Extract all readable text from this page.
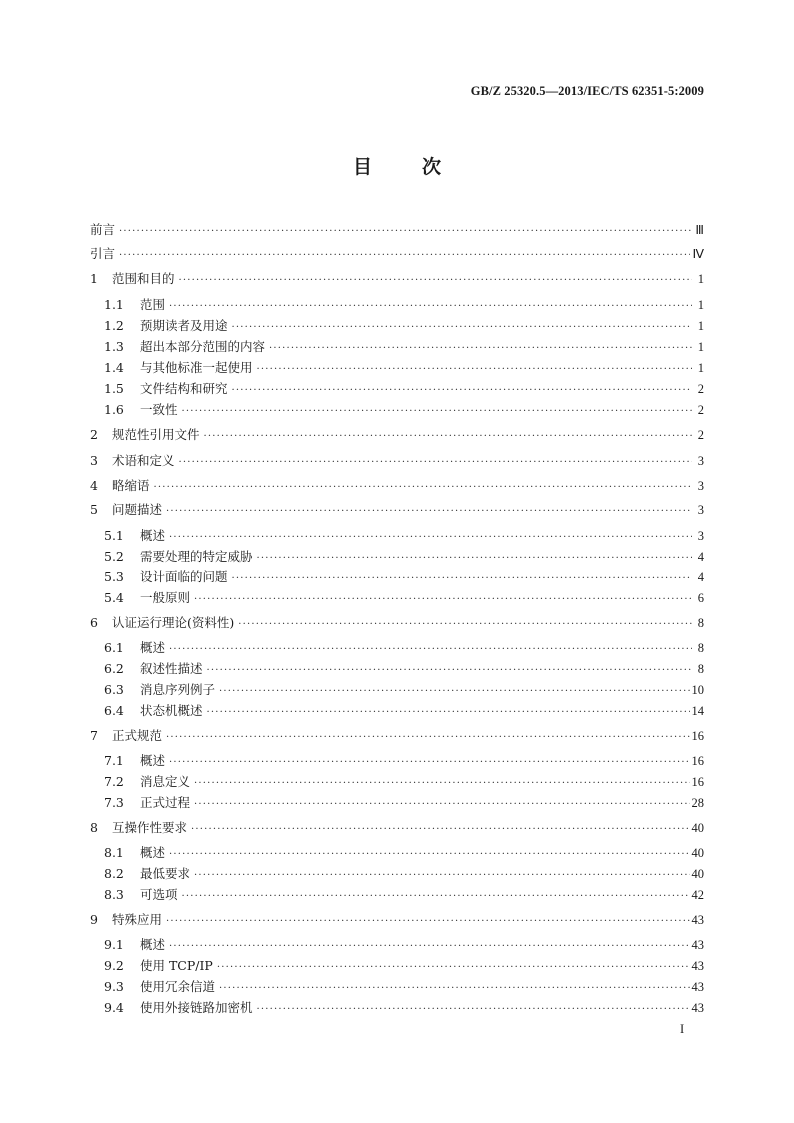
GB/Z 25320.5—2013/IEC/TS 62351-5:2009
目	次
前言 ·····	Ⅲ
引言 ·····	Ⅳ
1	范围和目的 ·····	1
1.1	范围 ·····	1
1.2	预期读者及用途 ·····	1
1.3	超出本部分范围的内容 ·····	1
1.4	与其他标准一起使用 ·····	1
1.5	文件结构和研究 ·····	2
1.6	一致性 ·····	2
2	规范性引用文件 ·····	2
3	术语和定义 ·····	3
4	略缩语 ·····	3
5	问题描述 ·····	3
5.1	概述 ·····	3
5.2	需要处理的特定威胁 ·····	4
5.3	设计面临的问题 ·····	4
5.4	一般原则 ·····	6
6	认证运行理论(资料性) ·····	8
6.1	概述 ·····	8
6.2	叙述性描述 ·····	8
6.3	消息序列例子 ·····	10
6.4	状态机概述 ·····	14
7	正式规范 ·····	16
7.1	概述 ·····	16
7.2	消息定义 ·····	16
7.3	正式过程 ·····	28
8	互操作性要求 ·····	40
8.1	概述 ·····	40
8.2	最低要求 ·····	40
8.3	可选项 ·····	42
9	特殊应用 ·····	43
9.1	概述 ·····	43
9.2	使用 TCP/IP ·····	43
9.3	使用冗余信道 ·····	43
9.4	使用外接链路加密机 ·····	43
I
